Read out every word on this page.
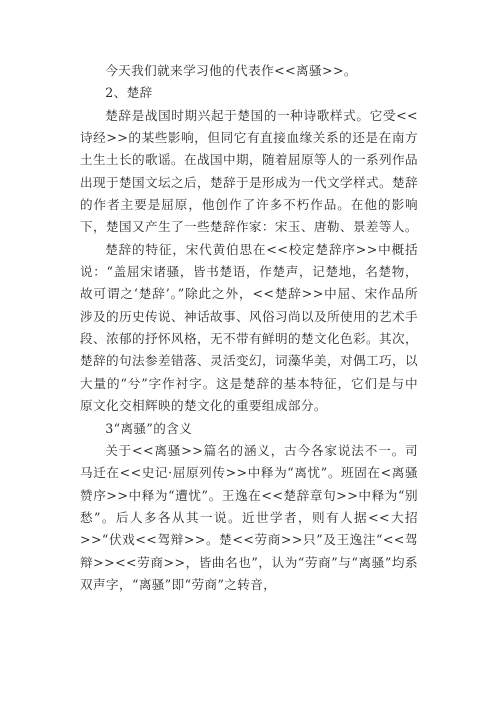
今天我们就来学习他的代表作<<离骚>>。

2、楚辞

楚辞是战国时期兴起于楚国的一种诗歌样式。它受<<诗经>>的某些影响，但同它有直接血缘关系的还是在南方土生土长的歌谣。在战国中期，随着屈原等人的一系列作品出现于楚国文坛之后，楚辞于是形成为一代文学样式。楚辞的作者主要是屈原，他创作了许多不朽作品。在他的影响下，楚国又产生了一些楚辞作家：宋玉、唐勒、景差等人。

楚辞的特征，宋代黄伯思在<<校定楚辞序>>中概括说：“盖屈宋诸骚，皆书楚语，作楚声，记楚地，名楚物，故可谓之‘楚辞’。”除此之外，<<楚辞>>中屈、宋作品所涉及的历史传说、神话故事、风俗习尚以及所使用的艺术手段、浓郁的抒怀风格，无不带有鲜明的楚文化色彩。其次，楚辞的句法参差错落、灵活变幻，词藻华美，对偶工巧，以大量的“兮”字作衬字。这是楚辞的基本特征，它们是与中原文化交相辉映的楚文化的重要组成部分。

3“离骚”的含义

关于<<离骚>>篇名的涵义，古今各家说法不一。司马迁在<<史记·屈原列传>>中释为“离忧”。班固在<离骚赞序>>中释为“遭忧”。王逸在<<楚辞章句>>中释为“别愁”。后人多各从其一说。近世学者，则有人据<<大招>>“伏戏<<驾辩>>。楚<<劳商>>只”及王逸注“<<驾辩>><<劳商>>，皆曲名也”，认为“劳商”与“离骚”均系双声字，“离骚”即“劳商”之转音，
